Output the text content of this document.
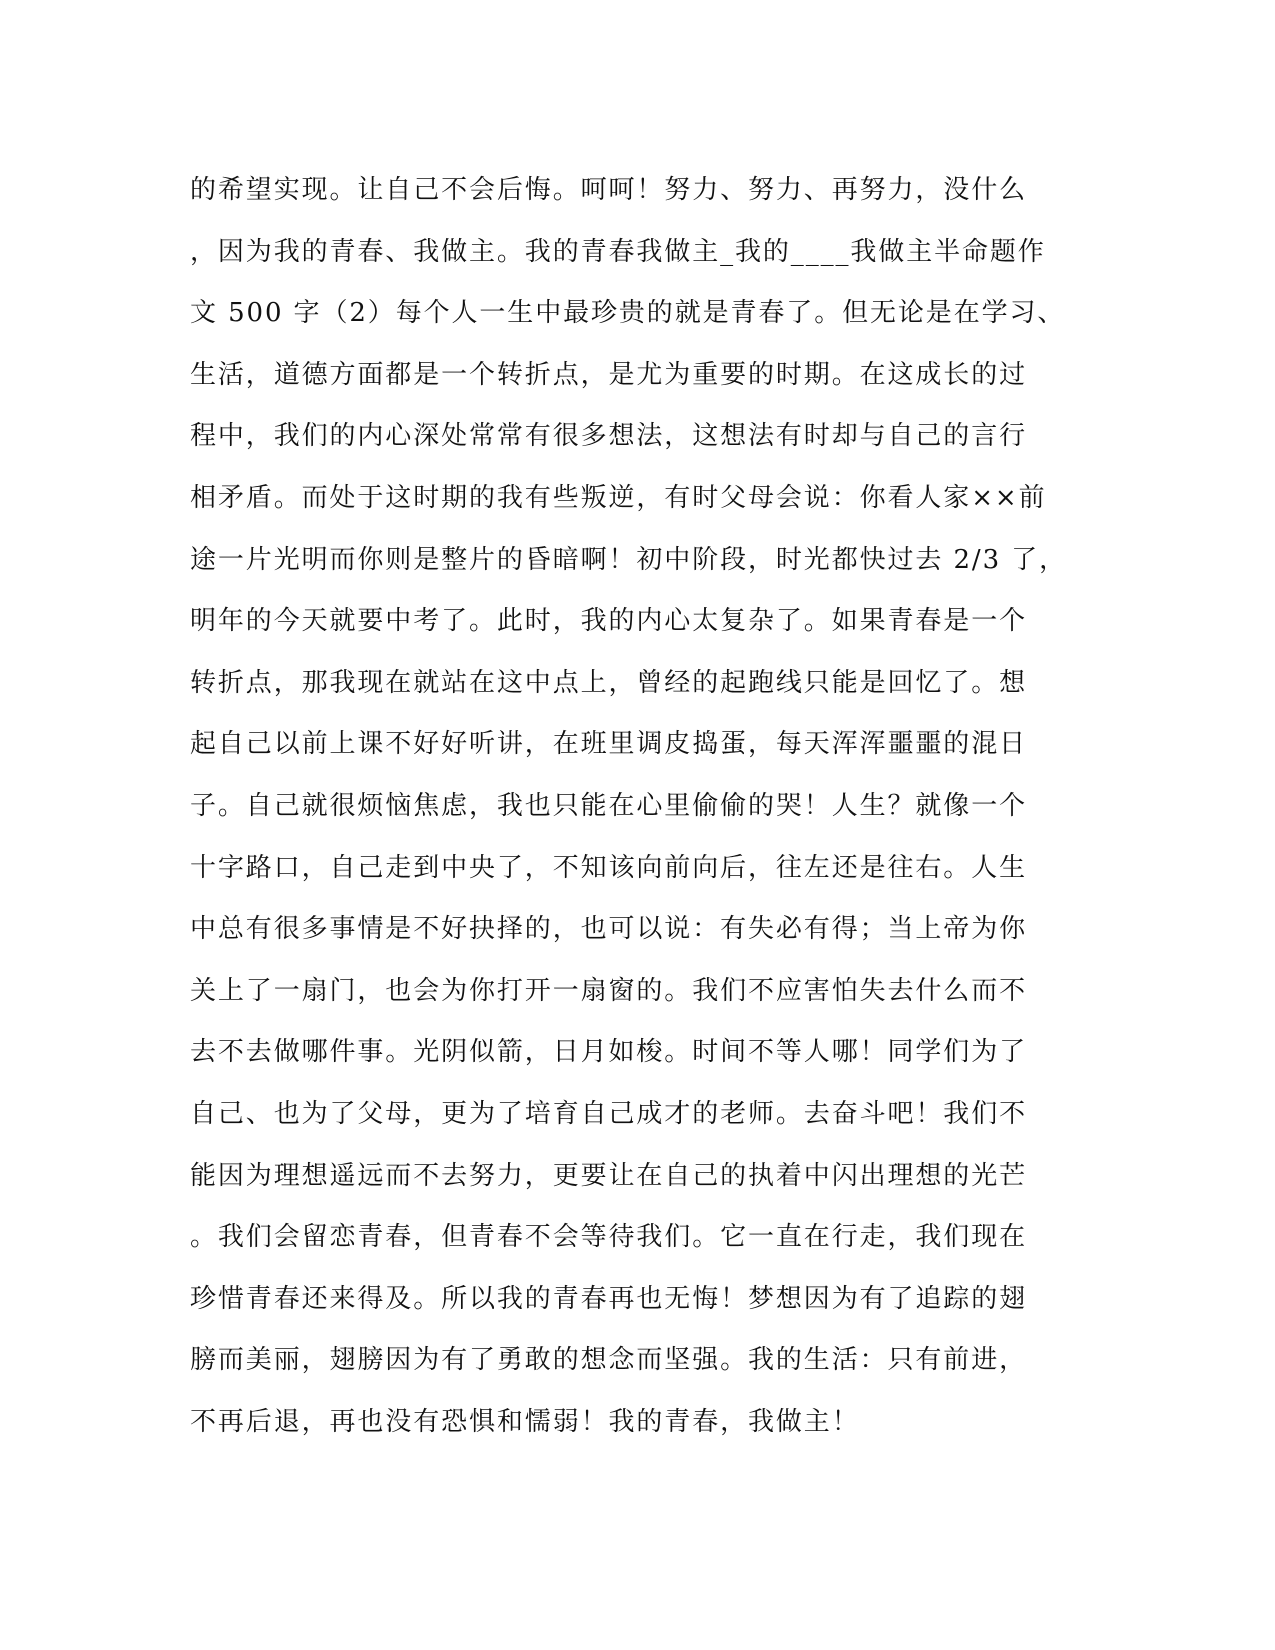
的希望实现。让自己不会后悔。呵呵！努力、努力、再努力，没什么
，因为我的青春、我做主。我的青春我做主_我的____我做主半命题作
文 500 字（2）每个人一生中最珍贵的就是青春了。但无论是在学习、
生活，道德方面都是一个转折点，是尤为重要的时期。在这成长的过
程中，我们的内心深处常常有很多想法，这想法有时却与自己的言行
相矛盾。而处于这时期的我有些叛逆，有时父母会说：你看人家××前
途一片光明而你则是整片的昏暗啊！初中阶段，时光都快过去 2/3 了，
明年的今天就要中考了。此时，我的内心太复杂了。如果青春是一个
转折点，那我现在就站在这中点上，曾经的起跑线只能是回忆了。想
起自己以前上课不好好听讲，在班里调皮捣蛋，每天浑浑噩噩的混日
子。自己就很烦恼焦虑，我也只能在心里偷偷的哭！人生？就像一个
十字路口，自己走到中央了，不知该向前向后，往左还是往右。人生
中总有很多事情是不好抉择的，也可以说：有失必有得；当上帝为你
关上了一扇门，也会为你打开一扇窗的。我们不应害怕失去什么而不
去不去做哪件事。光阴似箭，日月如梭。时间不等人哪！同学们为了
自己、也为了父母，更为了培育自己成才的老师。去奋斗吧！我们不
能因为理想遥远而不去努力，更要让在自己的执着中闪出理想的光芒
。我们会留恋青春，但青春不会等待我们。它一直在行走，我们现在
珍惜青春还来得及。所以我的青春再也无悔！梦想因为有了追踪的翅
膀而美丽，翅膀因为有了勇敢的想念而坚强。我的生活：只有前进，
不再后退，再也没有恐惧和懦弱！我的青春，我做主！
